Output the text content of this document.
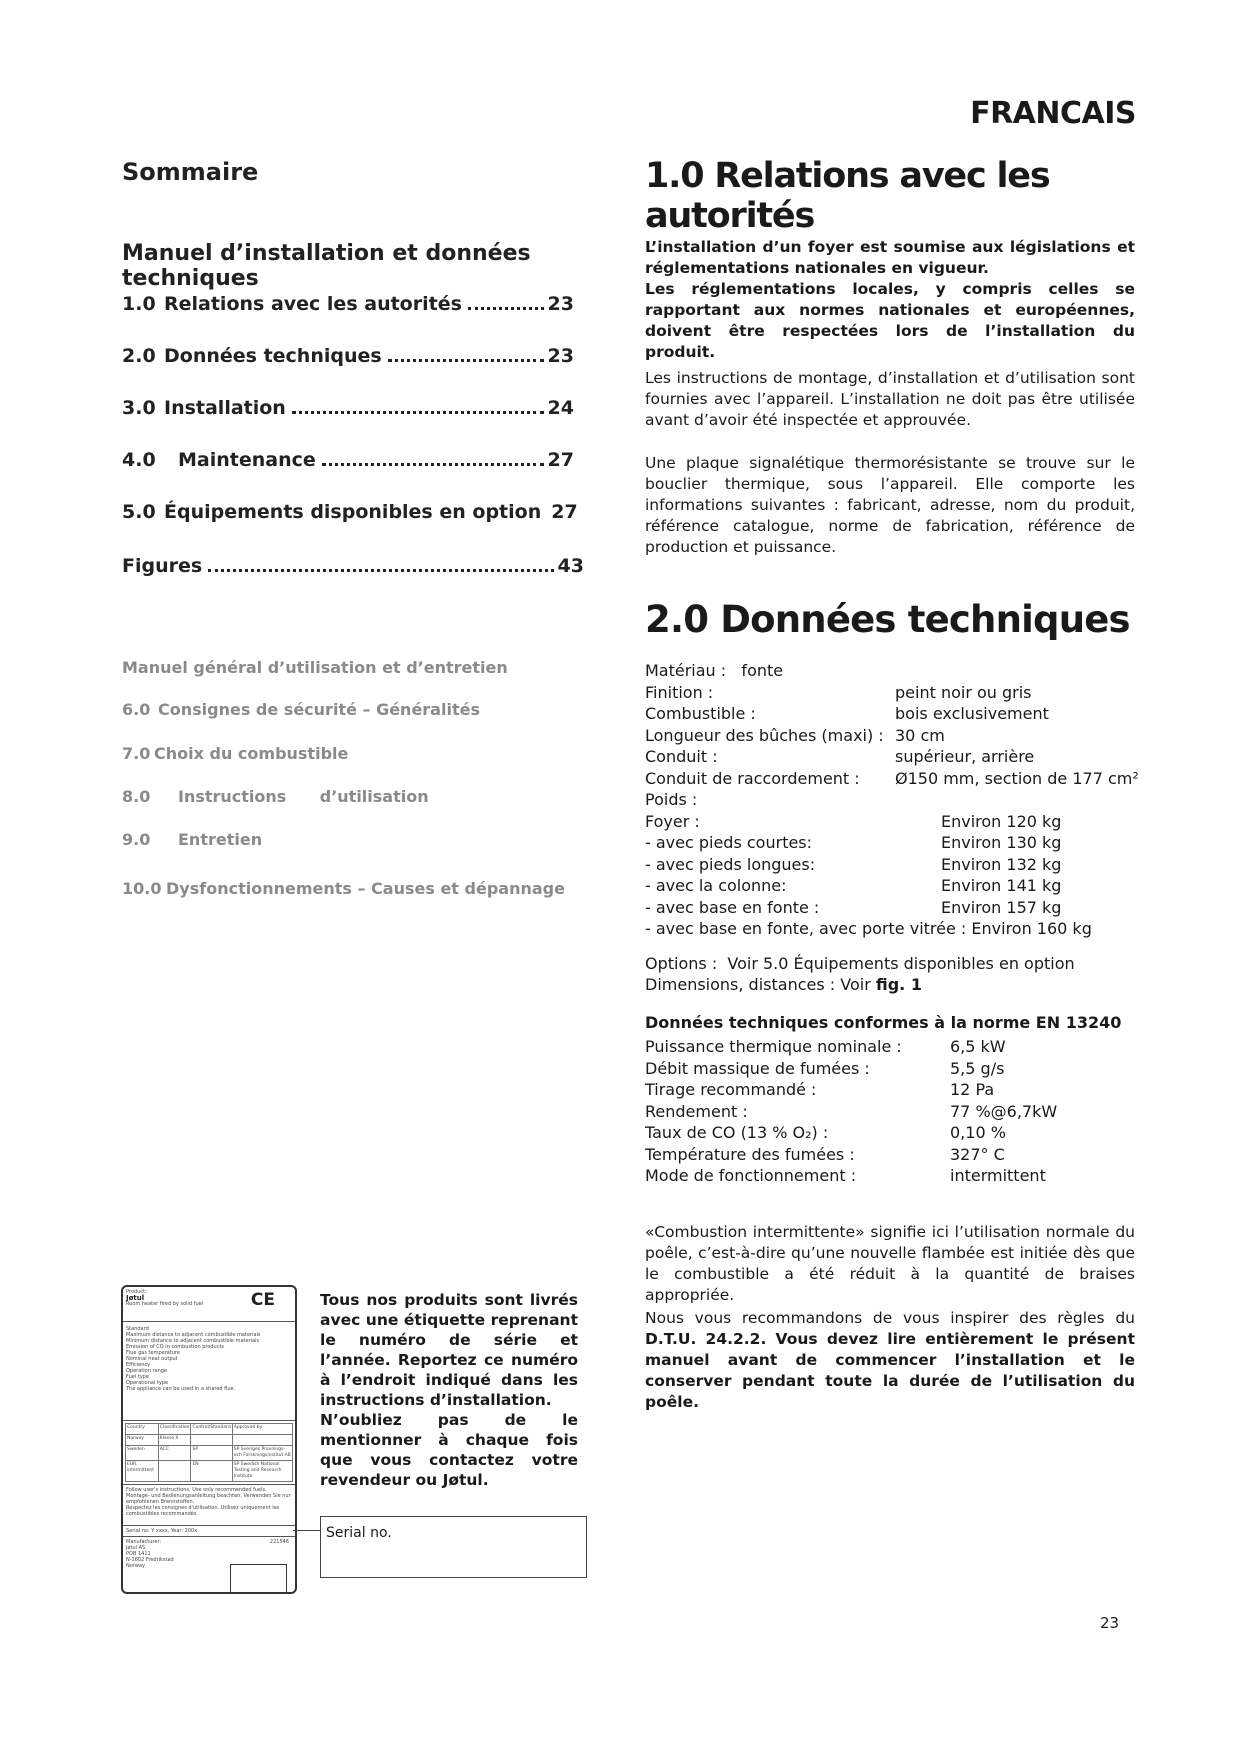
FRANCAIS
Sommaire
Manuel d’installation et données techniques
1.0 Relations avec les autorités	23
2.0 Données techniques	23
3.0 Installation	24
4.0	Maintenance	27
5.0 Équipements disponibles en option 27
Figures	43
Manuel général d’utilisation et d’entretien
6.0 Consignes de sécurité – Généralités
7.0 Choix du combustible
8.0	Instructions      d’utilisation
9.0	Entretien
10.0 Dysfonctionnements – Causes et dépannage
1.0 Relations avec les autorités
L’installation d’un foyer est soumise aux législations et réglementations nationales en vigueur.
Les réglementations locales, y compris celles se rapportant aux normes nationales et européennes, doivent être respectées lors de l’installation du produit.
Les instructions de montage, d’installation et d’utilisation sont fournies avec l’appareil. L’installation ne doit pas être utilisée avant d’avoir été inspectée et approuvée.
Une plaque signalétique thermorésistante se trouve sur le bouclier thermique, sous l’appareil. Elle comporte les informations suivantes : fabricant, adresse, nom du produit, référence catalogue, norme de fabrication, référence de production et puissance.
2.0 Données techniques
Matériau :   fonte
Finition :	peint noir ou gris
Combustible :	bois exclusivement
Longueur des bûches (maxi) : 30 cm
Conduit :	supérieur, arrière
Conduit de raccordement : Ø150 mm, section de 177 cm²
Poids :
Foyer :	Environ 120 kg
- avec pieds courtes:	Environ 130 kg
- avec pieds longues:	Environ 132 kg
- avec la colonne:	Environ 141 kg
- avec base en fonte :	Environ 157 kg
- avec base en fonte, avec porte vitrée : Environ 160 kg
Options :  Voir 5.0 Équipements disponibles en option
Dimensions, distances : Voir fig. 1
Données techniques conformes à la norme EN 13240
Puissance thermique nominale :	6,5 kW
Débit massique de fumées :	5,5 g/s
Tirage recommandé :	12 Pa
Rendement :	77 %@6,7kW
Taux de CO (13 % O₂) :	0,10 %
Température des fumées :	327° C
Mode de fonctionnement :	intermittent
«Combustion intermittente» signifie ici l’utilisation normale du poêle, c’est-à-dire qu’une nouvelle flambée est initiée dès que le combustible a été réduit à la quantité de braises appropriée.
Nous vous recommandons de vous inspirer des règles du D.T.U. 24.2.2. Vous devez lire entièrement le présent manuel avant de commencer l’installation et le conserver pendant toute la durée de l’utilisation du poêle.
Product:
Jøtul
Room heater fired by solid fuel	CE
Standard
Maximum distance to adjacent combustible materials
Minimum distance to adjacent combustible materials
Emission of CO in combustion products
Flue gas temperature
Nominal heat output
Efficiency
Operation range
Fuel type
Operational type
The appliance can be used in a shared flue.
Country	Classification	Control/Standard	Approved by
Norway	Klasse II		
Sweden	ACC	SP	SP Sveriges Provnings- och Forskningsinstitut AB
EUR. intermittent		EN	SP Swedish National Testing and Research Institute
Follow user's instructions. Use only recommended fuels.
Montage- und Bedienungsanleitung beachten. Verwenden Sie nur empfohlenen Brennstoffen.
Respectez les consignes d'utilisation. Utilisez uniquement les combustibles recommandés.
Serial no: Y xxxx, Year: 200x
Manufacturer:	221546
Jøtul AS
POB 1411
N-1602 Fredrikstad
Norway
Tous nos produits sont livrés avec une étiquette reprenant le numéro de série et l’année. Reportez ce numéro à l’endroit indiqué dans les instructions d’installation.
N’oubliez pas de le mentionner à chaque fois que vous contactez votre revendeur ou Jøtul.
Serial no.
23
